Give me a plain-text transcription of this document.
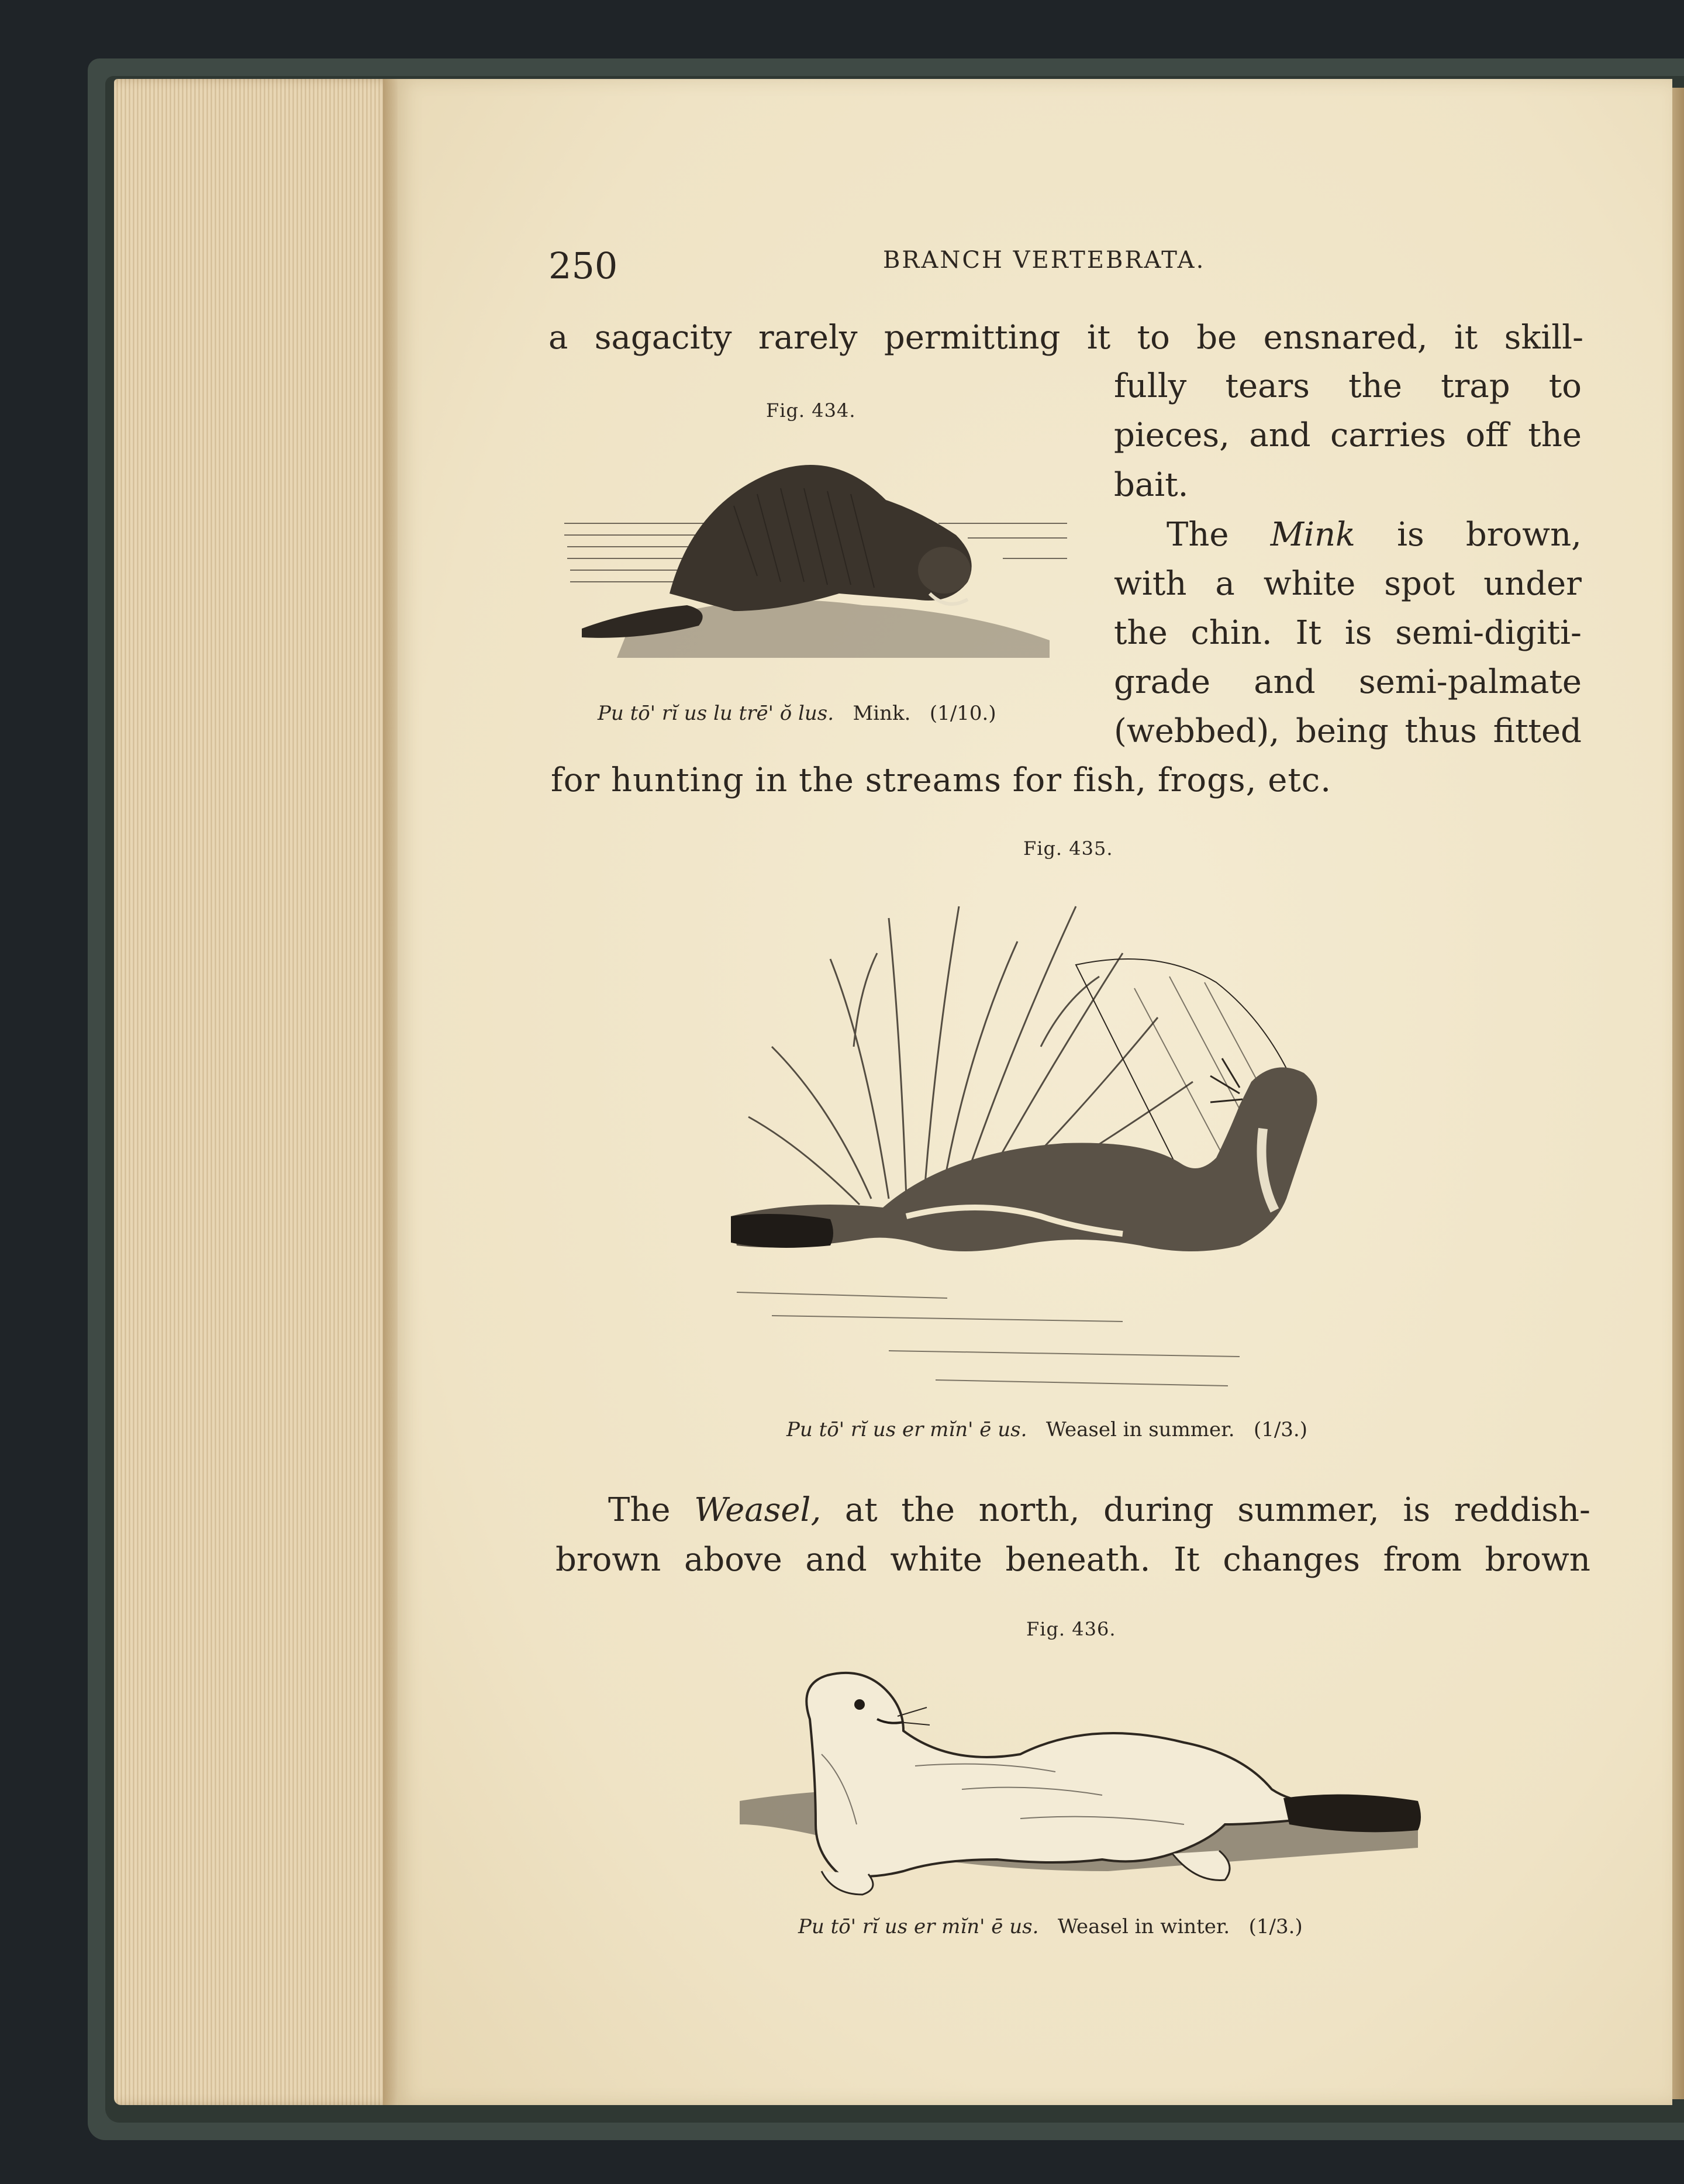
250	BRANCH VERTEBRATA.
a sagacity rarely permitting it to be ensnared, it skill-
fully tears the trap to
pieces, and carries off the
bait.
The Mink is brown,
with a white spot under
the chin. It is semi-digiti-
grade and semi-palmate
(webbed), being thus fitted
for hunting in the streams for fish, frogs, etc.
Fig. 434.
Pu tō' rĭ us lu trē' ŏ lus. Mink. (1/10.)
Fig. 435.
Pu tō' rĭ us er mĭn' ē us. Weasel in summer. (1/3.)
The Weasel, at the north, during summer, is reddish-
brown above and white beneath. It changes from brown
Fig. 436.
Pu tō' rĭ us er mĭn' ē us. Weasel in winter. (1/3.)
